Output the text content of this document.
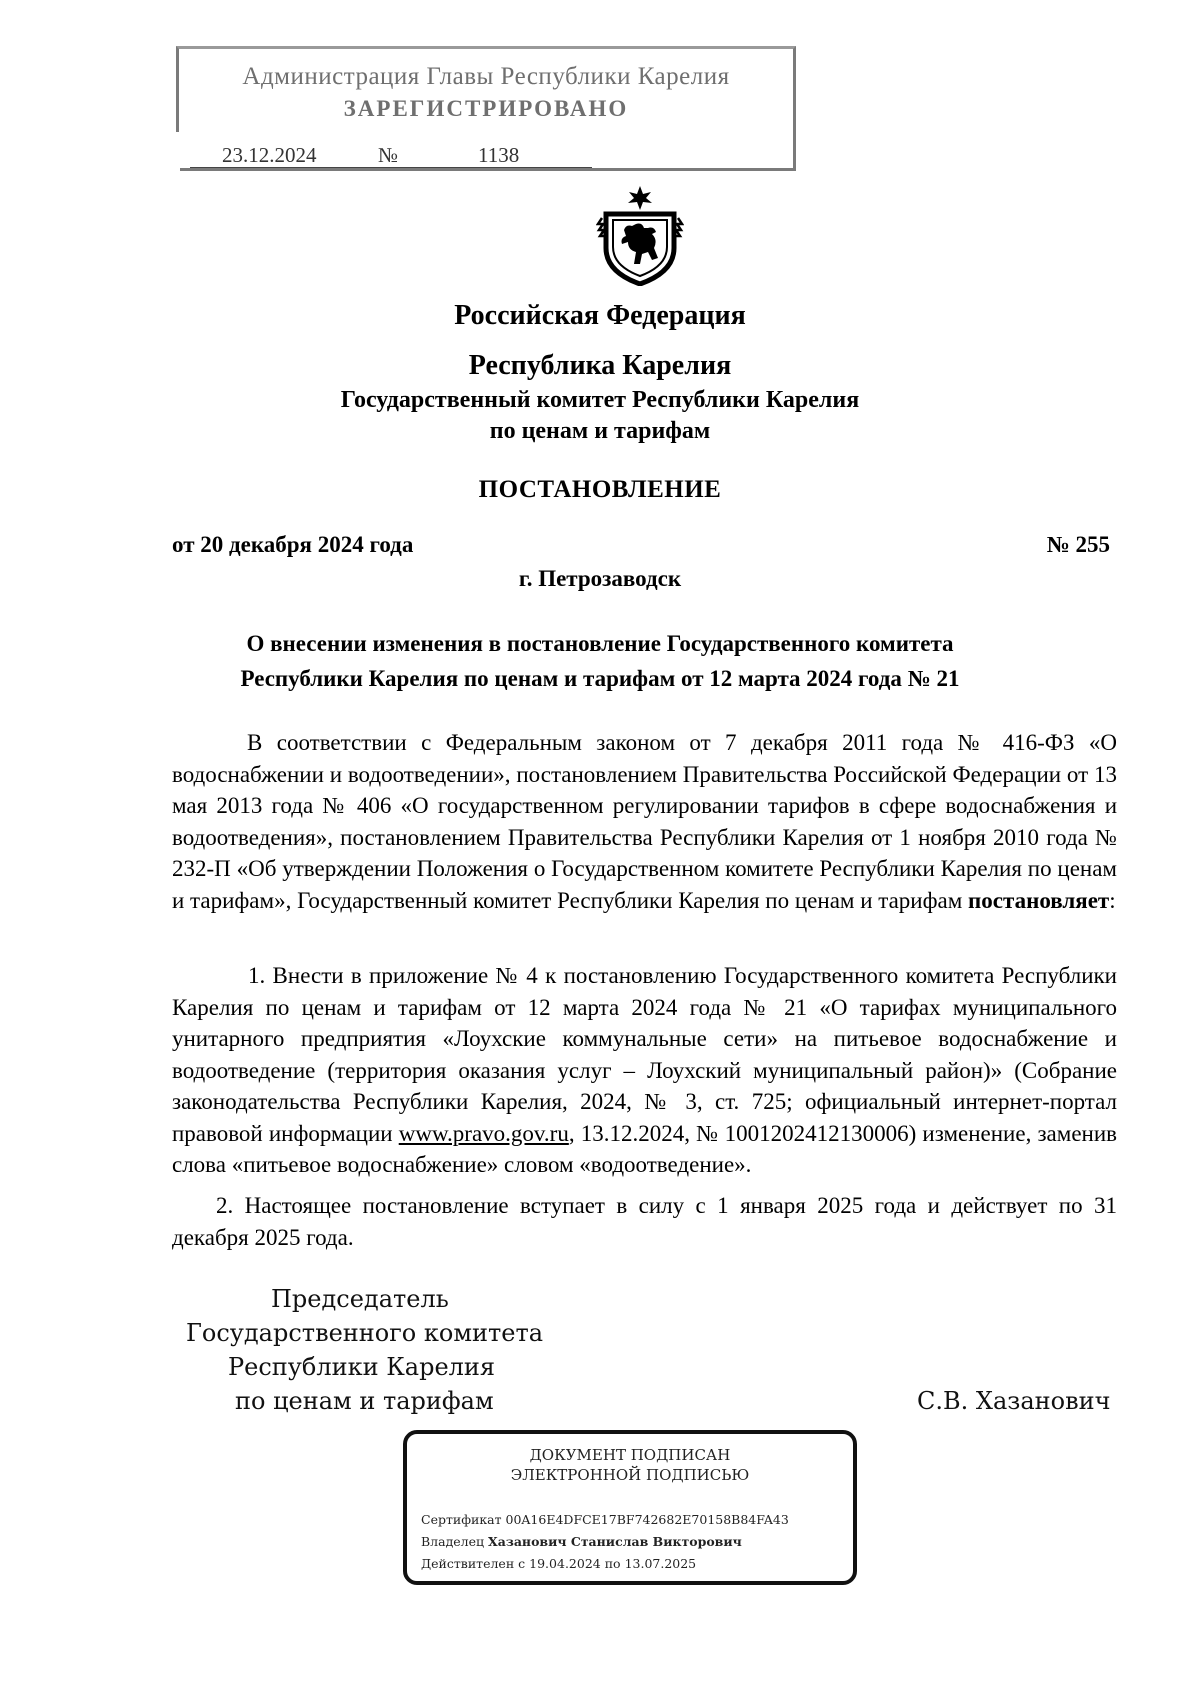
Администрация Главы Республики Карелия
ЗАРЕГИСТРИРОВАНО
23.12.2024	№	1138
Российская Федерация
Республика Карелия
Государственный комитет Республики Карелия
по ценам и тарифам
ПОСТАНОВЛЕНИЕ
от 20 декабря 2024 года	№ 255
г. Петрозаводск
О внесении изменения в постановление Государственного комитета
Республики Карелия по ценам и тарифам от 12 марта 2024 года № 21
В соответствии с Федеральным законом от 7 декабря 2011 года № 416-ФЗ «О водоснабжении и водоотведении», постановлением Правительства Российской Федерации от 13 мая 2013 года № 406 «О государственном регулировании тарифов в сфере водоснабжения и водоотведения», постановлением Правительства Республики Карелия от 1 ноября 2010 года № 232-П «Об утверждении Положения о Государственном комитете Республики Карелия по ценам и тарифам», Государственный комитет Республики Карелия по ценам и тарифам постановляет:
1. Внести в приложение № 4 к постановлению Государственного комитета Республики Карелия по ценам и тарифам от 12 марта 2024 года № 21 «О тарифах муниципального унитарного предприятия «Лоухские коммунальные сети» на питьевое водоснабжение и водоотведение (территория оказания услуг – Лоухский муниципальный район)» (Собрание законодательства Республики Карелия, 2024, № 3, ст. 725; официальный интернет-портал правовой информации www.pravo.gov.ru, 13.12.2024, № 1001202412130006) изменение, заменив слова «питьевое водоснабжение» словом «водоотведение».
2. Настоящее постановление вступает в силу с 1 января 2025 года и действует по 31 декабря 2025 года.
Председатель
Государственного комитета
Республики Карелия
по ценам и тарифам	С.В. Хазанович
ДОКУМЕНТ ПОДПИСАН
ЭЛЕКТРОННОЙ ПОДПИСЬЮ
Сертификат 00A16E4DFCE17BF742682E70158B84FA43
Владелец Хазанович Станислав Викторович
Действителен с 19.04.2024 по 13.07.2025
